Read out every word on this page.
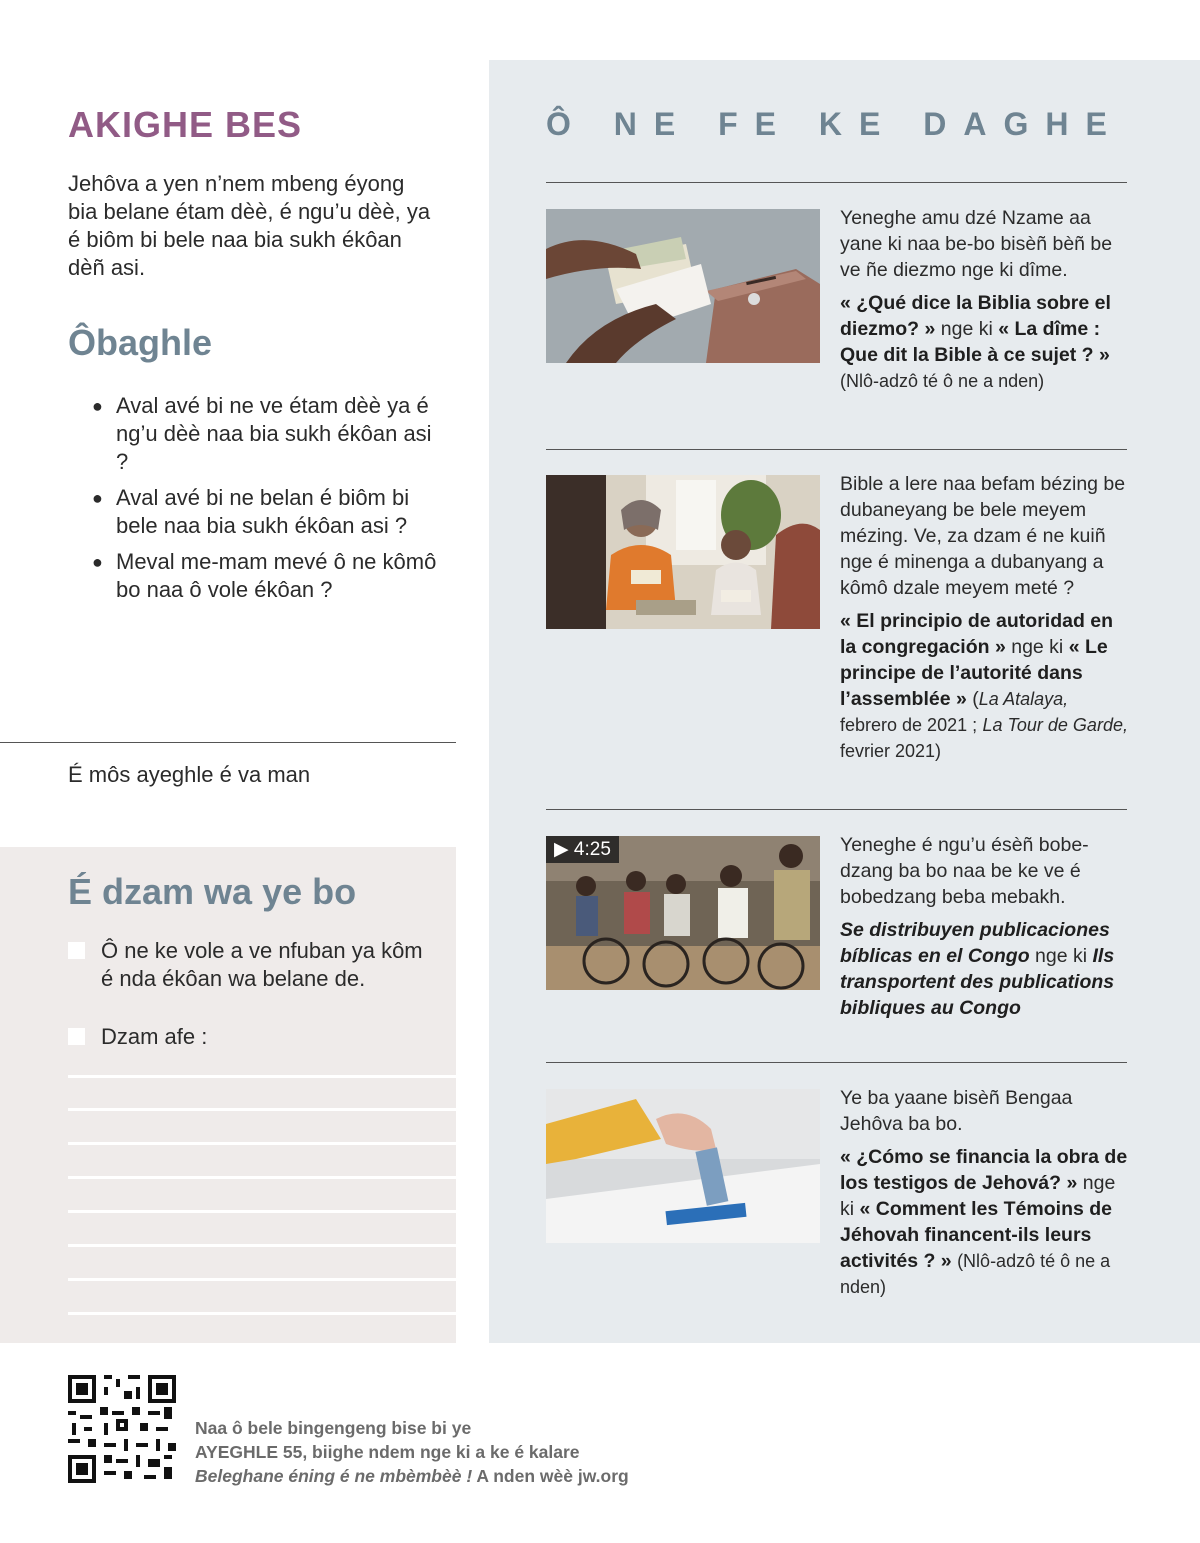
AKIGHE BES

Jehôva a yen n’nem mbeng éyong bia belane étam dèè, é ngu’u dèè, ya é biôm bi bele naa bia sukh ékôan dèñ asi.

Ôbaghle
● Aval avé bi ne ve étam dèè ya é ng’u dèè naa bia sukh ékôan asi ?
● Aval avé bi ne belan é biôm bi bele naa bia sukh ékôan asi ?
● Meval me-mam mevé ô ne kômô bo naa ô vole ékôan ?
É môs ayeghle é va man
É dzam wa ye bo
Ô ne ke vole a ve nfuban ya kôm é nda ékôan wa belane de.
Dzam afe :
Ô NE FE KE DAGHE
Yeneghe amu dzé Nzame aa yane ki naa be-bo bisèñ bèñ be ve ñe diezmo nge ki dîme.
« ¿Qué dice la Biblia sobre el diezmo? » nge ki « La dîme : Que dit la Bible à ce sujet ? » (Nlô-adzô té ô ne a nden)
Bible a lere naa befam bézing be dubaneyang be bele meyem mézing. Ve, za dzam é ne kuiñ nge é minenga a dubanyang a kômô dzale meyem meté ?
« El principio de autoridad en la congregación » nge ki « Le principe de l’autorité dans l’assemblée » (La Atalaya, febrero de 2021 ; La Tour de Garde, fevrier 2021)
▶ 4:25	Yeneghe é ngu’u ésèñ bobe-dzang ba bo naa be ke ve é bobedzang beba mebakh.
Se distribuyen publicaciones bíblicas en el Congo nge ki Ils transportent des publications bibliques au Congo
Ye ba yaane bisèñ Bengaa Jehôva ba bo.
« ¿Cómo se financia la obra de los testigos de Jehová? » nge ki « Comment les Témoins de Jéhovah financent-ils leurs activités ? » (Nlô-adzô té ô ne a nden)
Naa ô bele bingengeng bise bi ye
AYEGHLE 55, biighe ndem nge ki a ke é kalare
Beleghane éning é ne mbèmbèè ! A nden wèè jw.org
